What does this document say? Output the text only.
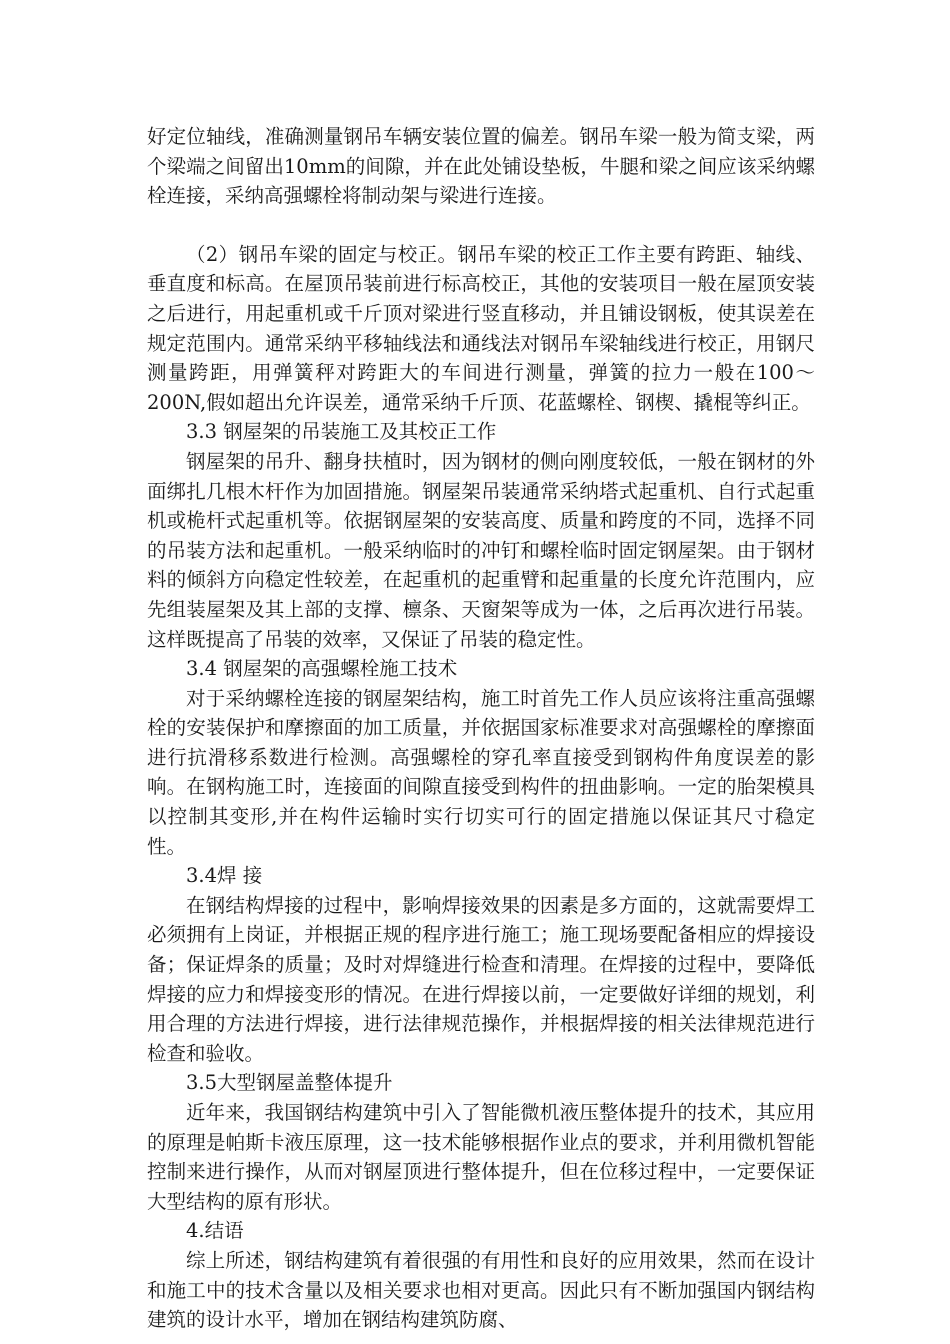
好定位轴线，准确测量钢吊车辆安装位置的偏差。钢吊车梁一般为简支梁，两个梁端之间留出10mm的间隙，并在此处铺设垫板，牛腿和梁之间应该采纳螺栓连接，采纳高强螺栓将制动架与梁进行连接。

（2）钢吊车梁的固定与校正。钢吊车梁的校正工作主要有跨距、轴线、垂直度和标高。在屋顶吊装前进行标高校正，其他的安装项目一般在屋顶安装之后进行，用起重机或千斤顶对梁进行竖直移动，并且铺设钢板，使其误差在规定范围内。通常采纳平移轴线法和通线法对钢吊车梁轴线进行校正，用钢尺测量跨距，用弹簧秤对跨距大的车间进行测量，弹簧的拉力一般在100～200N,假如超出允许误差，通常采纳千斤顶、花蓝螺栓、钢楔、撬棍等纠正。

3.3 钢屋架的吊装施工及其校正工作

钢屋架的吊升、翻身扶植时，因为钢材的侧向刚度较低，一般在钢材的外面绑扎几根木杆作为加固措施。钢屋架吊装通常采纳塔式起重机、自行式起重机或桅杆式起重机等。依据钢屋架的安装高度、质量和跨度的不同，选择不同的吊装方法和起重机。一般采纳临时的冲钉和螺栓临时固定钢屋架。由于钢材料的倾斜方向稳定性较差，在起重机的起重臂和起重量的长度允许范围内，应先组装屋架及其上部的支撑、檩条、天窗架等成为一体，之后再次进行吊装。这样既提高了吊装的效率，又保证了吊装的稳定性。

3.4 钢屋架的高强螺栓施工技术

对于采纳螺栓连接的钢屋架结构，施工时首先工作人员应该将注重高强螺栓的安装保护和摩擦面的加工质量，并依据国家标准要求对高强螺栓的摩擦面进行抗滑移系数进行检测。高强螺栓的穿孔率直接受到钢构件角度误差的影响。在钢构施工时，连接面的间隙直接受到构件的扭曲影响。一定的胎架模具以控制其变形,并在构件运输时实行切实可行的固定措施以保证其尺寸稳定性。

3.4焊 接

在钢结构焊接的过程中，影响焊接效果的因素是多方面的，这就需要焊工必须拥有上岗证，并根据正规的程序进行施工；施工现场要配备相应的焊接设备；保证焊条的质量；及时对焊缝进行检查和清理。在焊接的过程中，要降低焊接的应力和焊接变形的情况。在进行焊接以前，一定要做好详细的规划，利用合理的方法进行焊接，进行法律规范操作，并根据焊接的相关法律规范进行检查和验收。

3.5大型钢屋盖整体提升

近年来，我国钢结构建筑中引入了智能微机液压整体提升的技术，其应用的原理是帕斯卡液压原理，这一技术能够根据作业点的要求，并利用微机智能控制来进行操作，从而对钢屋顶进行整体提升，但在位移过程中，一定要保证大型结构的原有形状。

4.结语

综上所述，钢结构建筑有着很强的有用性和良好的应用效果，然而在设计和施工中的技术含量以及相关要求也相对更高。因此只有不断加强国内钢结构建筑的设计水平，增加在钢结构建筑防腐、
